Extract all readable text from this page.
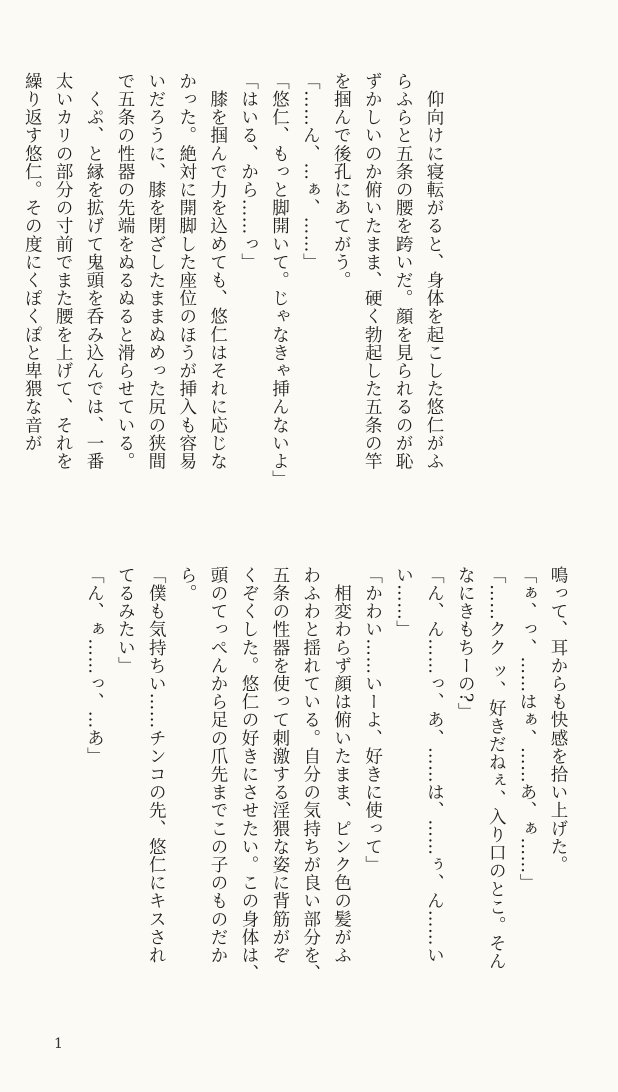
　仰向けに寝転がると、身体を起こした悠仁がふ
らふらと五条の腰を跨いだ。顔を見られるのが恥
ずかしいのか俯いたまま、硬く勃起した五条の竿
を掴んで後孔にあてがう。
「……ん、…ぁ、……」
「悠仁、もっと脚開いて。じゃなきゃ挿んないよ」
「はいる、から……っ」
　膝を掴んで力を込めても、悠仁はそれに応じな
かった。絶対に開脚した座位のほうが挿入も容易
いだろうに、膝を閉ざしたままぬめった尻の狭間
で五条の性器の先端をぬるぬると滑らせている。
　くぷ、と縁を拡げて鬼頭を呑み込んでは、一番
太いカリの部分の寸前でまた腰を上げて、それを
繰り返す悠仁。その度にくぽくぽと卑猥な音が
鳴って、耳からも快感を拾い上げた。
「ぁ、っ、……はぁ、……あ、ぁ……」
「……クク ッ、好きだねぇ、入り口のとこ。そん
なにきもちーの?」
「ん、ん……っ、あ、……は、……ぅ、ん……い
い……」
「かわい……いーよ、好きに使って」
　相変わらず顔は俯いたまま、ピンク色の髪がふ
わふわと揺れている。自分の気持ちが良い部分を、
五条の性器を使って刺激する淫猥な姿に背筋がぞ
くぞくした。悠仁の好きにさせたい。この身体は、
頭のてっぺんから足の爪先までこの子のものだか
ら。
「僕も気持ちい……チンコの先、悠仁にキスされ
てるみたい」
「ん、ぁ……っ、…あ」
1
